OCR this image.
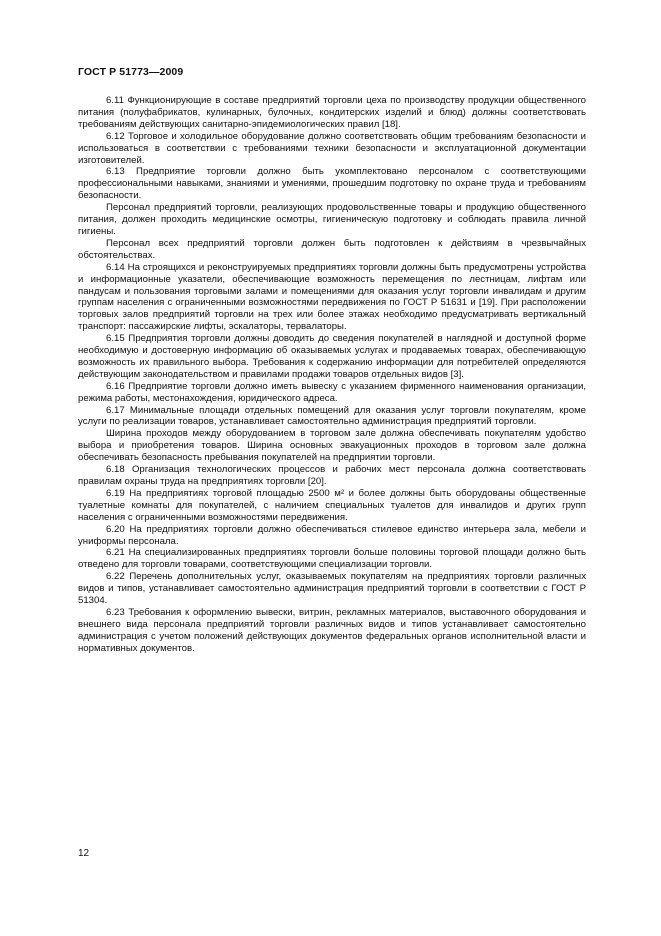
ГОСТ Р 51773—2009

6.11 Функционирующие в составе предприятий торговли цеха по производству продукции общественного питания (полуфабрикатов, кулинарных, булочных, кондитерских изделий и блюд) должны соответствовать требованиям действующих санитарно-эпидемиологических правил [18].

6.12 Торговое и холодильное оборудование должно соответствовать общим требованиям безопасности и использоваться в соответствии с требованиями техники безопасности и эксплуатационной документации изготовителей.

6.13 Предприятие торговли должно быть укомплектовано персоналом с соответствующими профессиональными навыками, знаниями и умениями, прошедшим подготовку по охране труда и требованиям безопасности.

Персонал предприятий торговли, реализующих продовольственные товары и продукцию общественного питания, должен проходить медицинские осмотры, гигиеническую подготовку и соблюдать правила личной гигиены.

Персонал всех предприятий торговли должен быть подготовлен к действиям в чрезвычайных обстоятельствах.

6.14 На строящихся и реконструируемых предприятиях торговли должны быть предусмотрены устройства и информационные указатели, обеспечивающие возможность перемещения по лестницам, лифтам или пандусам и пользования торговыми залами и помещениями для оказания услуг торговли инвалидам и другим группам населения с ограниченными возможностями передвижения по ГОСТ Р 51631 и [19]. При расположении торговых залов предприятий торговли на трех или более этажах необходимо предусматривать вертикальный транспорт: пассажирские лифты, эскалаторы, тервалаторы.

6.15 Предприятия торговли должны доводить до сведения покупателей в наглядной и доступной форме необходимую и достоверную информацию об оказываемых услугах и продаваемых товарах, обеспечивающую возможность их правильного выбора. Требования к содержанию информации для потребителей определяются действующим законодательством и правилами продажи товаров отдельных видов [3].

6.16 Предприятие торговли должно иметь вывеску с указанием фирменного наименования организации, режима работы, местонахождения, юридического адреса.

6.17 Минимальные площади отдельных помещений для оказания услуг торговли покупателям, кроме услуги по реализации товаров, устанавливает самостоятельно администрация предприятий торговли.

Ширина проходов между оборудованием в торговом зале должна обеспечивать покупателям удобство выбора и приобретения товаров. Ширина основных эвакуационных проходов в торговом зале должна обеспечивать безопасность пребывания покупателей на предприятии торговли.

6.18 Организация технологических процессов и рабочих мест персонала должна соответствовать правилам охраны труда на предприятиях торговли [20].

6.19 На предприятиях торговой площадью 2500 м² и более должны быть оборудованы общественные туалетные комнаты для покупателей, с наличием специальных туалетов для инвалидов и других групп населения с ограниченными возможностями передвижения.

6.20 На предприятиях торговли должно обеспечиваться стилевое единство интерьера зала, мебели и униформы персонала.

6.21 На специализированных предприятиях торговли больше половины торговой площади должно быть отведено для торговли товарами, соответствующими специализации торговли.

6.22 Перечень дополнительных услуг, оказываемых покупателям на предприятиях торговли различных видов и типов, устанавливает самостоятельно администрация предприятий торговли в соответствии с ГОСТ Р 51304.

6.23 Требования к оформлению вывески, витрин, рекламных материалов, выставочного оборудования и внешнего вида персонала предприятий торговли различных видов и типов устанавливает самостоятельно администрация с учетом положений действующих документов федеральных органов исполнительной власти и нормативных документов.

12
